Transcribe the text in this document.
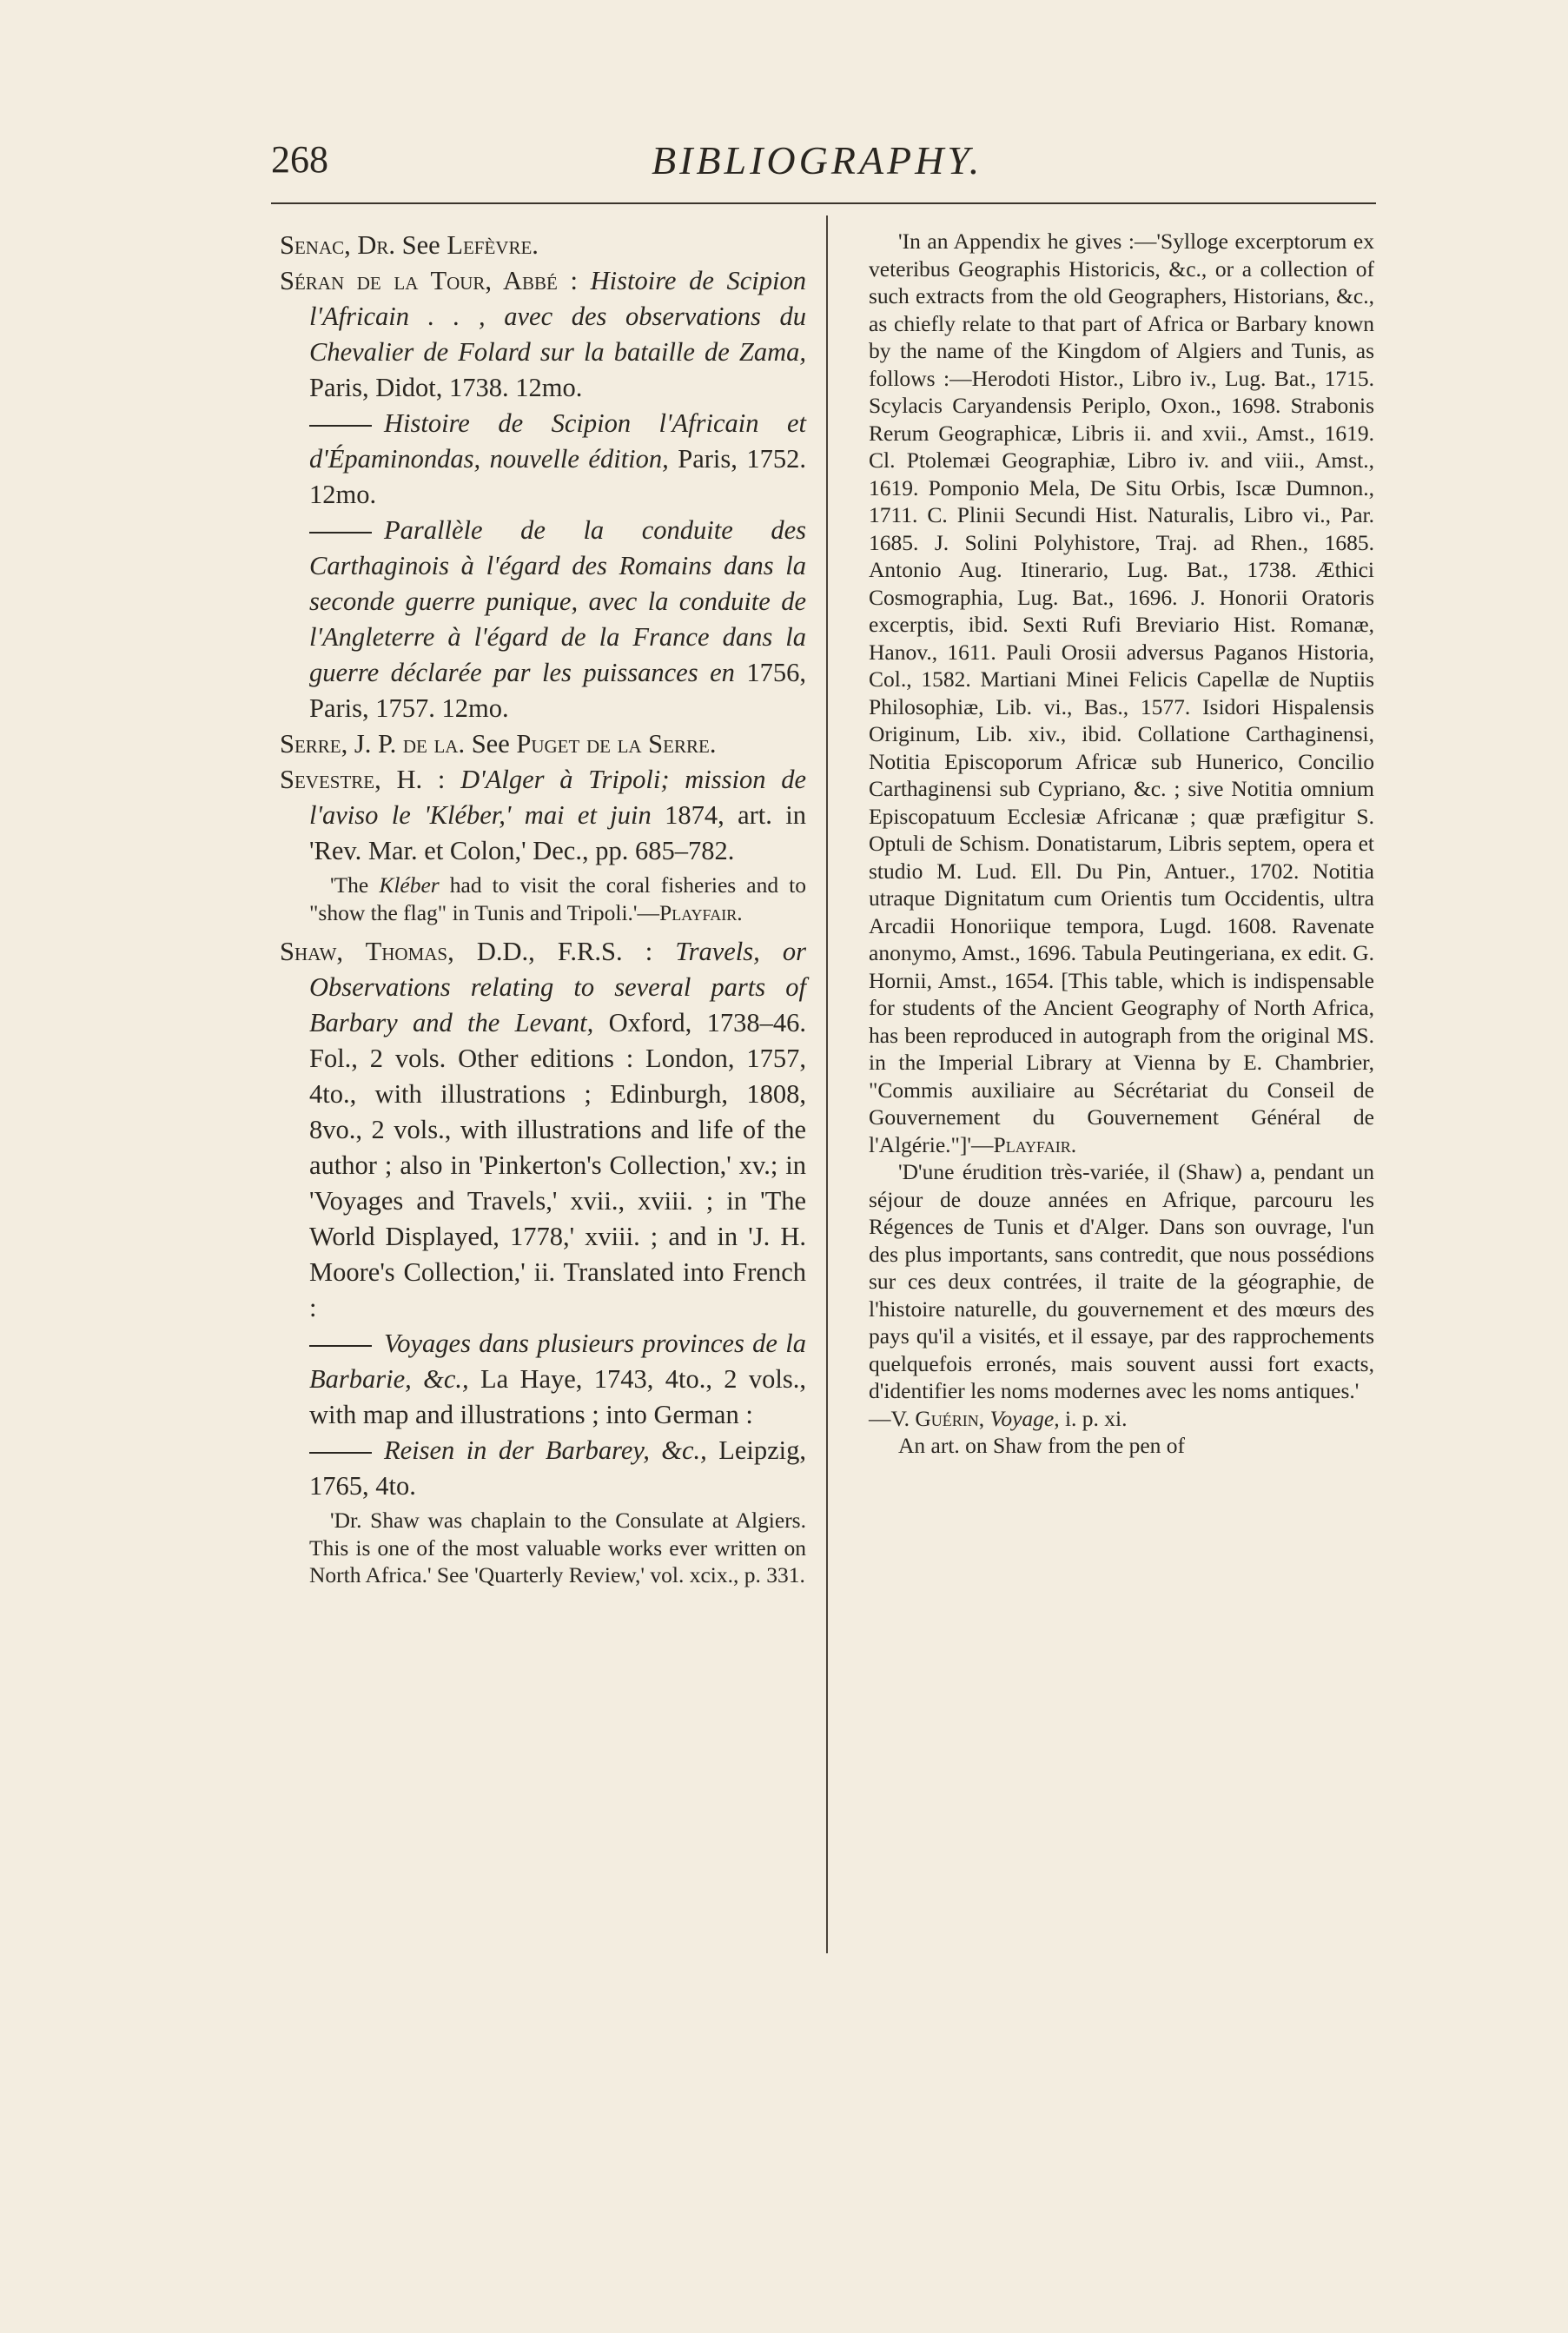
268	BIBLIOGRAPHY.

Senac, Dr. See Lefèvre.

Séran de la Tour, Abbé : Histoire de Scipion l'Africain . . , avec des observations du Chevalier de Folard sur la bataille de Zama, Paris, Didot, 1738. 12mo.

Histoire de Scipion l'Africain et d'Épaminondas, nouvelle édition, Paris, 1752. 12mo.

Parallèle de la conduite des Carthaginois à l'égard des Romains dans la seconde guerre punique, avec la conduite de l'Angleterre à l'égard de la France dans la guerre déclarée par les puissances en 1756, Paris, 1757. 12mo.

Serre, J. P. de la. See Puget de la Serre.

Sevestre, H. : D'Alger à Tripoli; mission de l'aviso le 'Kléber,' mai et juin 1874, art. in 'Rev. Mar. et Colon,' Dec., pp. 685–782.

'The Kléber had to visit the coral fisheries and to "show the flag" in Tunis and Tripoli.'—Playfair.

Shaw, Thomas, D.D., F.R.S. : Travels, or Observations relating to several parts of Barbary and the Levant, Oxford, 1738–46. Fol., 2 vols. Other editions : London, 1757, 4to., with illustrations ; Edinburgh, 1808, 8vo., 2 vols., with illustrations and life of the author ; also in 'Pinkerton's Collection,' xv.; in 'Voyages and Travels,' xvii., xviii. ; in 'The World Displayed, 1778,' xviii. ; and in 'J. H. Moore's Collection,' ii. Translated into French :

Voyages dans plusieurs provinces de la Barbarie, &c., La Haye, 1743, 4to., 2 vols., with map and illustrations ; into German :

Reisen in der Barbarey, &c., Leipzig, 1765, 4to.

'Dr. Shaw was chaplain to the Consulate at Algiers. This is one of the most valuable works ever written on North Africa.' See 'Quarterly Review,' vol. xcix., p. 331.

'In an Appendix he gives :—'Sylloge excerptorum ex veteribus Geographis Historicis, &c., or a collection of such extracts from the old Geographers, Historians, &c., as chiefly relate to that part of Africa or Barbary known by the name of the Kingdom of Algiers and Tunis, as follows :—Herodoti Histor., Libro iv., Lug. Bat., 1715. Scylacis Caryandensis Periplo, Oxon., 1698. Strabonis Rerum Geographicæ, Libris ii. and xvii., Amst., 1619. Cl. Ptolemæi Geographiæ, Libro iv. and viii., Amst., 1619. Pomponio Mela, De Situ Orbis, Iscæ Dumnon., 1711. C. Plinii Secundi Hist. Naturalis, Libro vi., Par. 1685. J. Solini Polyhistore, Traj. ad Rhen., 1685. Antonio Aug. Itinerario, Lug. Bat., 1738. Æthici Cosmographia, Lug. Bat., 1696. J. Honorii Oratoris excerptis, ibid. Sexti Rufi Breviario Hist. Romanæ, Hanov., 1611. Pauli Orosii adversus Paganos Historia, Col., 1582. Martiani Minei Felicis Capellæ de Nuptiis Philosophiæ, Lib. vi., Bas., 1577. Isidori Hispalensis Originum, Lib. xiv., ibid. Collatione Carthaginensi, Notitia Episcoporum Africæ sub Hunerico, Concilio Carthaginensi sub Cypriano, &c. ; sive Notitia omnium Episcopatuum Ecclesiæ Africanæ ; quæ præfigitur S. Optuli de Schism. Donatistarum, Libris septem, opera et studio M. Lud. Ell. Du Pin, Antuer., 1702. Notitia utraque Dignitatum cum Orientis tum Occidentis, ultra Arcadii Honoriique tempora, Lugd. 1608. Ravenate anonymo, Amst., 1696. Tabula Peutingeriana, ex edit. G. Hornii, Amst., 1654. [This table, which is indispensable for students of the Ancient Geography of North Africa, has been reproduced in autograph from the original MS. in the Imperial Library at Vienna by E. Chambrier, "Commis auxiliaire au Sécrétariat du Conseil de Gouvernement du Gouvernement Général de l'Algérie."]'—Playfair.

'D'une érudition très-variée, il (Shaw) a, pendant un séjour de douze années en Afrique, parcouru les Régences de Tunis et d'Alger. Dans son ouvrage, l'un des plus importants, sans contredit, que nous possédions sur ces deux contrées, il traite de la géographie, de l'histoire naturelle, du gouvernement et des mœurs des pays qu'il a visités, et il essaye, par des rapprochements quelquefois erronés, mais souvent aussi fort exacts, d'identifier les noms modernes avec les noms antiques.'

—V. Guérin, Voyage, i. p. xi.

An art. on Shaw from the pen of
